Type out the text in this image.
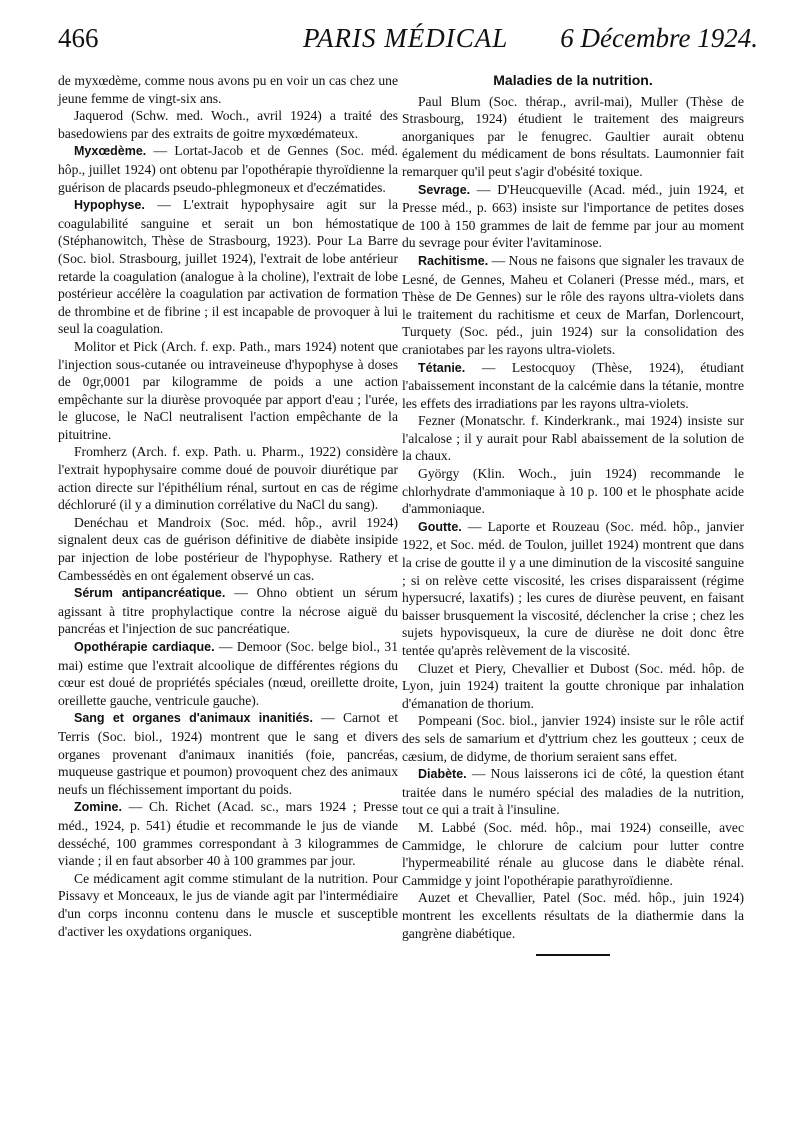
466	PARIS MÉDICAL 6 Décembre 1924.

de myxœdème, comme nous avons pu en voir un cas chez une jeune femme de vingt-six ans.

Jaquerod (Schw. med. Woch., avril 1924) a traité des basedowiens par des extraits de goitre myxœdémateux.

Myxœdème. — Lortat-Jacob et de Gennes (Soc. méd. hôp., juillet 1924) ont obtenu par l'opothérapie thyroïdienne la guérison de placards pseudo-phlegmoneux et d'eczématides.

Hypophyse. — L'extrait hypophysaire agit sur la coagulabilité sanguine et serait un bon hémostatique (Stéphanowitch, Thèse de Strasbourg, 1923). Pour La Barre (Soc. biol. Strasbourg, juillet 1924), l'extrait de lobe antérieur retarde la coagulation (analogue à la choline), l'extrait de lobe postérieur accélère la coagulation par activation de formation de thrombine et de fibrine ; il est incapable de provoquer à lui seul la coagulation.

Molitor et Pick (Arch. f. exp. Path., mars 1924) notent que l'injection sous-cutanée ou intraveineuse d'hypophyse à doses de 0gr,0001 par kilogramme de poids a une action empêchante sur la diurèse provoquée par apport d'eau ; l'urée, le glucose, le NaCl neutralisent l'action empêchante de la pituitrine.

Fromherz (Arch. f. exp. Path. u. Pharm., 1922) considère l'extrait hypophysaire comme doué de pouvoir diurétique par action directe sur l'épithélium rénal, surtout en cas de régime déchloruré (il y a diminution corrélative du NaCl du sang).

Denéchau et Mandroix (Soc. méd. hôp., avril 1924) signalent deux cas de guérison définitive de diabète insipide par injection de lobe postérieur de l'hypophyse. Rathery et Cambessédès en ont également observé un cas.

Sérum antipancréatique. — Ohno obtient un sérum agissant à titre prophylactique contre la nécrose aiguë du pancréas et l'injection de suc pancréatique.

Opothérapie cardiaque. — Demoor (Soc. belge biol., 31 mai) estime que l'extrait alcoolique de différentes régions du cœur est doué de propriétés spéciales (nœud, oreillette droite, oreillette gauche, ventricule gauche).

Sang et organes d'animaux inanitiés. — Carnot et Terris (Soc. biol., 1924) montrent que le sang et divers organes provenant d'animaux inanitiés (foie, pancréas, muqueuse gastrique et poumon) provoquent chez des animaux neufs un fléchissement important du poids.

Zomine. — Ch. Richet (Acad. sc., mars 1924 ; Presse méd., 1924, p. 541) étudie et recommande le jus de viande desséché, 100 grammes correspondant à 3 kilogrammes de viande ; il en faut absorber 40 à 100 grammes par jour.

Ce médicament agit comme stimulant de la nutrition. Pour Pissavy et Monceaux, le jus de viande agit par l'intermédiaire d'un corps inconnu contenu dans le muscle et susceptible d'activer les oxydations organiques.

Maladies de la nutrition.

Paul Blum (Soc. thérap., avril-mai), Muller (Thèse de Strasbourg, 1924) étudient le traitement des maigreurs anorganiques par le fenugrec. Gaultier aurait obtenu également du médicament de bons résultats. Laumonnier fait remarquer qu'il peut s'agir d'obésité toxique.

Sevrage. — D'Heucqueville (Acad. méd., juin 1924, et Presse méd., p. 663) insiste sur l'importance de petites doses de 100 à 150 grammes de lait de femme par jour au moment du sevrage pour éviter l'avitaminose.

Rachitisme. — Nous ne faisons que signaler les travaux de Lesné, de Gennes, Maheu et Colaneri (Presse méd., mars, et Thèse de De Gennes) sur le rôle des rayons ultra-violets dans le traitement du rachitisme et ceux de Marfan, Dorlencourt, Turquety (Soc. péd., juin 1924) sur la consolidation des craniotabes par les rayons ultra-violets.

Tétanie. — Lestocquoy (Thèse, 1924), étudiant l'abaissement inconstant de la calcémie dans la tétanie, montre les effets des irradiations par les rayons ultra-violets.

Fezner (Monatschr. f. Kinderkrank., mai 1924) insiste sur l'alcalose ; il y aurait pour Rabl abaissement de la solution de la chaux.

György (Klin. Woch., juin 1924) recommande le chlorhydrate d'ammoniaque à 10 p. 100 et le phosphate acide d'ammoniaque.

Goutte. — Laporte et Rouzeau (Soc. méd. hôp., janvier 1922, et Soc. méd. de Toulon, juillet 1924) montrent que dans la crise de goutte il y a une diminution de la viscosité sanguine ; si on relève cette viscosité, les crises disparaissent (régime hypersucré, laxatifs) ; les cures de diurèse peuvent, en faisant baisser brusquement la viscosité, déclencher la crise ; chez les sujets hypovisqueux, la cure de diurèse ne doit donc être tentée qu'après relèvement de la viscosité.

Cluzet et Piery, Chevallier et Dubost (Soc. méd. hôp. de Lyon, juin 1924) traitent la goutte chronique par inhalation d'émanation de thorium.

Pompeani (Soc. biol., janvier 1924) insiste sur le rôle actif des sels de samarium et d'yttrium chez les goutteux ; ceux de cæsium, de didyme, de thorium seraient sans effet.

Diabète. — Nous laisserons ici de côté, la question étant traitée dans le numéro spécial des maladies de la nutrition, tout ce qui a trait à l'insuline.

M. Labbé (Soc. méd. hôp., mai 1924) conseille, avec Cammidge, le chlorure de calcium pour lutter contre l'hypermeabilité rénale au glucose dans le diabète rénal. Cammidge y joint l'opothérapie parathyroïdienne.

Auzet et Chevallier, Patel (Soc. méd. hôp., juin 1924) montrent les excellents résultats de la diathermie dans la gangrène diabétique.
